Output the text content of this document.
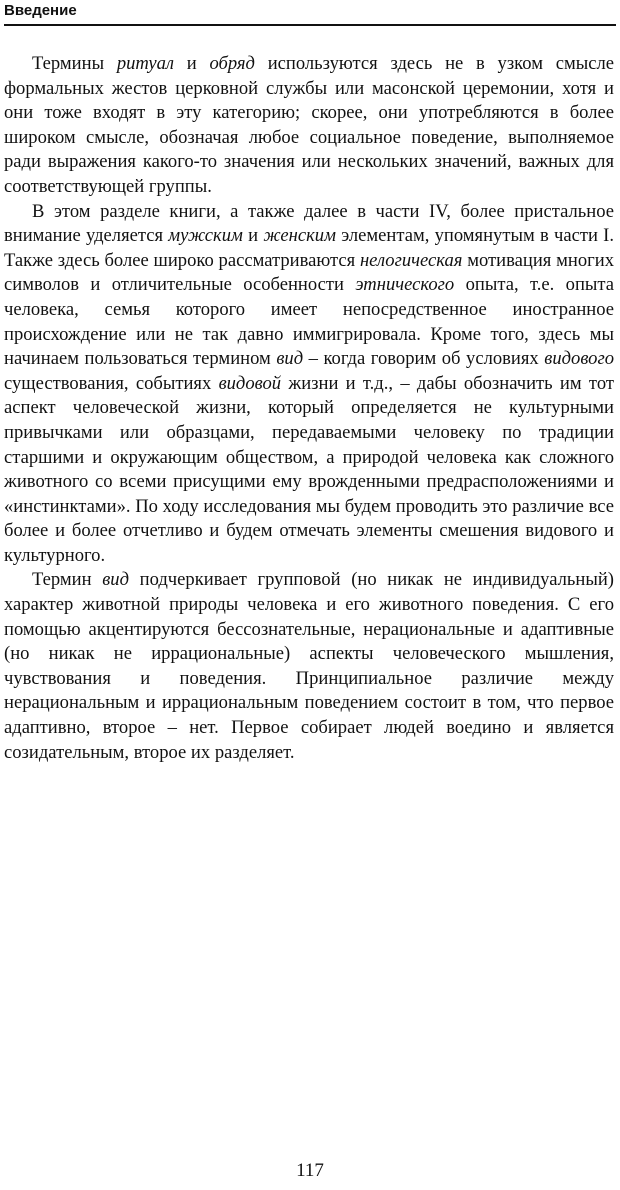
Введение

Термины ритуал и обряд используются здесь не в узком смысле формальных жестов церковной службы или масонской церемонии, хотя и они тоже входят в эту категорию; скорее, они употребляются в более широком смысле, обозначая любое социальное поведение, выполняемое ради выражения какого-то значения или нескольких значений, важных для соответствующей группы.

В этом разделе книги, а также далее в части IV, более пристальное внимание уделяется мужским и женским элементам, упомянутым в части I. Также здесь более широко рассматриваются нелогическая мотивация многих символов и отличительные особенности этнического опыта, т.е. опыта человека, семья которого имеет непосредственное иностранное происхождение или не так давно иммигрировала. Кроме того, здесь мы начинаем пользоваться термином вид – когда говорим об условиях видового существования, событиях видовой жизни и т.д., – дабы обозначить им тот аспект человеческой жизни, который определяется не культурными привычками или образцами, передаваемыми человеку по традиции старшими и окружающим обществом, а природой человека как сложного животного со всеми присущими ему врожденными предрасположениями и «инстинктами». По ходу исследования мы будем проводить это различие все более и более отчетливо и будем отмечать элементы смешения видового и культурного.

Термин вид подчеркивает групповой (но никак не индивидуальный) характер животной природы человека и его животного поведения. С его помощью акцентируются бессознательные, нерациональные и адаптивные (но никак не иррациональные) аспекты человеческого мышления, чувствования и поведения. Принципиальное различие между нерациональным и иррациональным поведением состоит в том, что первое адаптивно, второе – нет. Первое собирает людей воедино и является созидательным, второе их разделяет.

117
